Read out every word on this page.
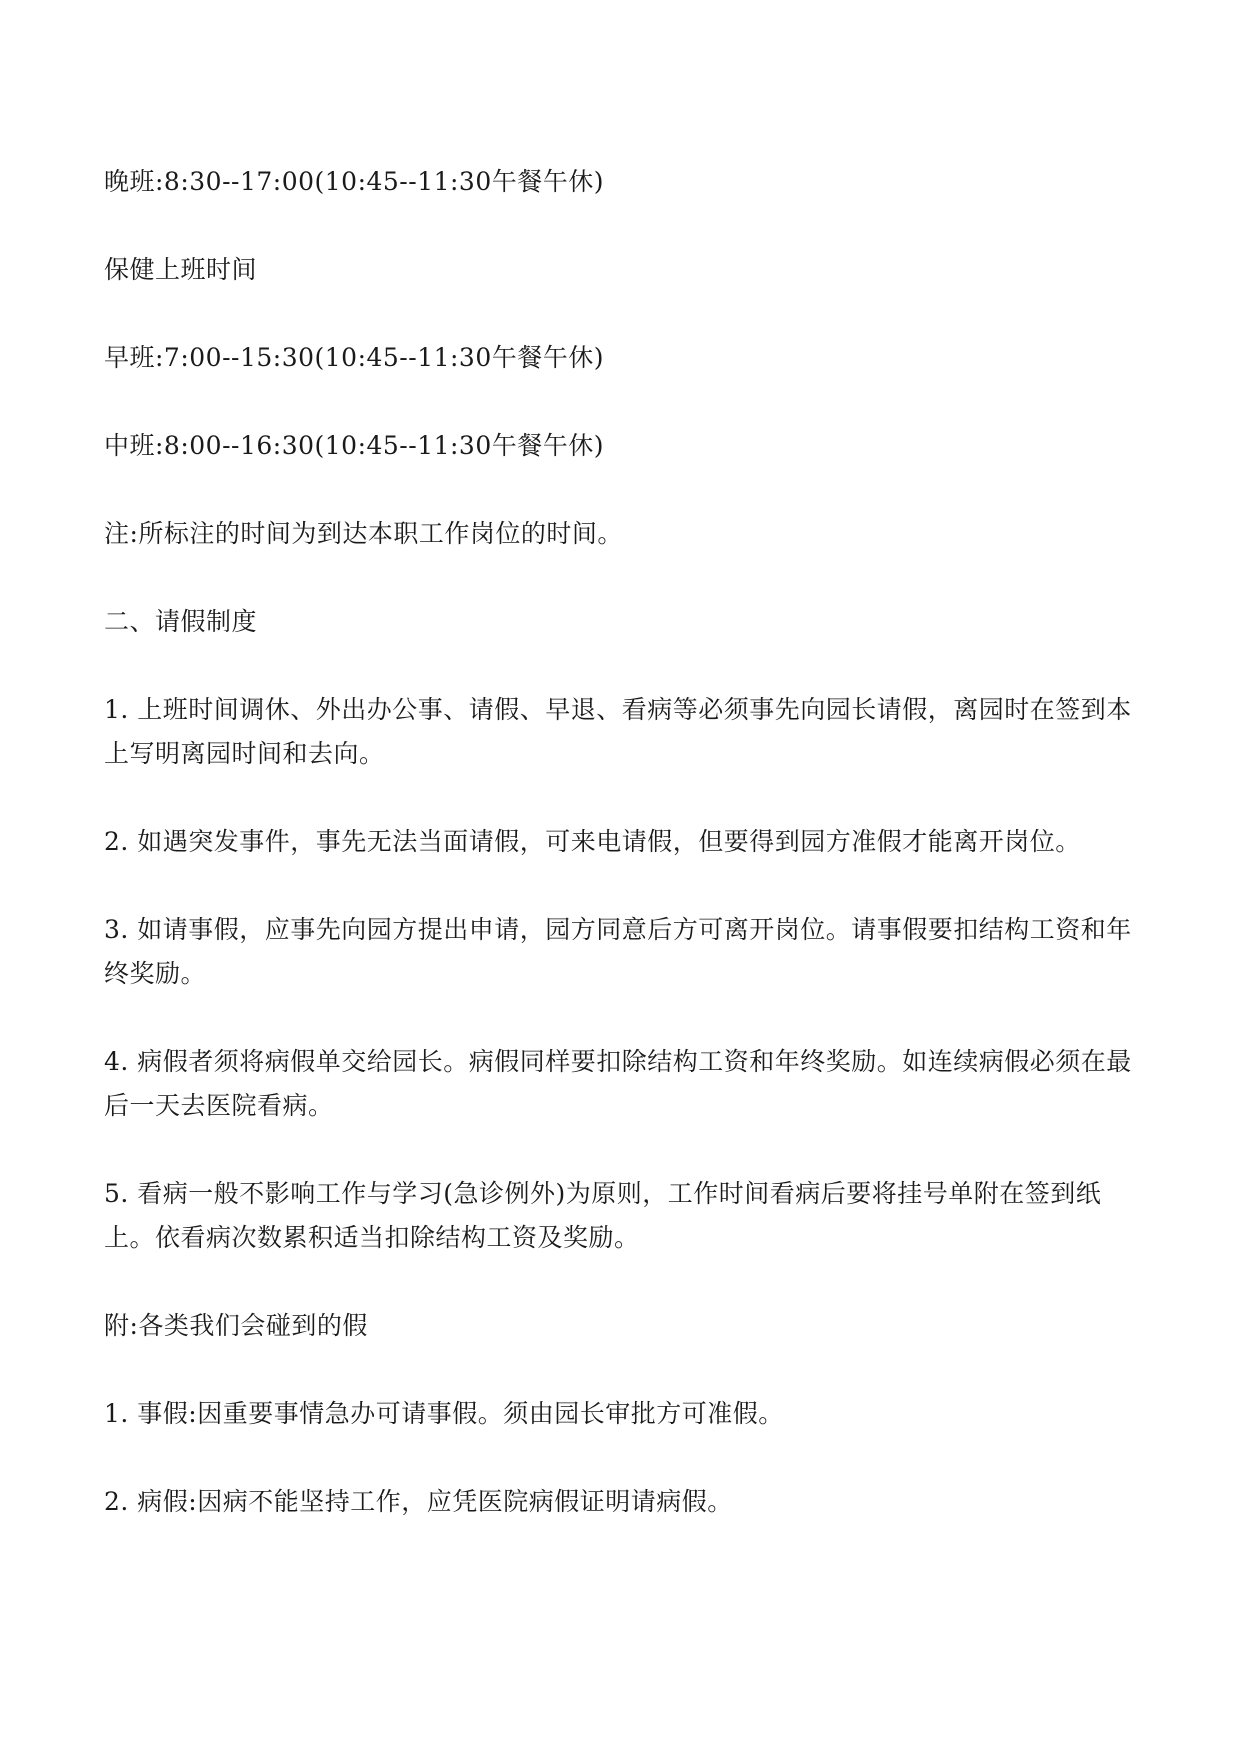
晚班:8:30--17:00(10:45--11:30午餐午休)

保健上班时间

早班:7:00--15:30(10:45--11:30午餐午休)

中班:8:00--16:30(10:45--11:30午餐午休)

注:所标注的时间为到达本职工作岗位的时间。

二、请假制度

1. 上班时间调休、外出办公事、请假、早退、看病等必须事先向园长请假，离园时在签到本上写明离园时间和去向。

2. 如遇突发事件，事先无法当面请假，可来电请假，但要得到园方准假才能离开岗位。

3. 如请事假，应事先向园方提出申请，园方同意后方可离开岗位。请事假要扣结构工资和年终奖励。

4. 病假者须将病假单交给园长。病假同样要扣除结构工资和年终奖励。如连续病假必须在最后一天去医院看病。

5. 看病一般不影响工作与学习(急诊例外)为原则，工作时间看病后要将挂号单附在签到纸上。依看病次数累积适当扣除结构工资及奖励。

附:各类我们会碰到的假

1. 事假:因重要事情急办可请事假。须由园长审批方可准假。

2. 病假:因病不能坚持工作，应凭医院病假证明请病假。
